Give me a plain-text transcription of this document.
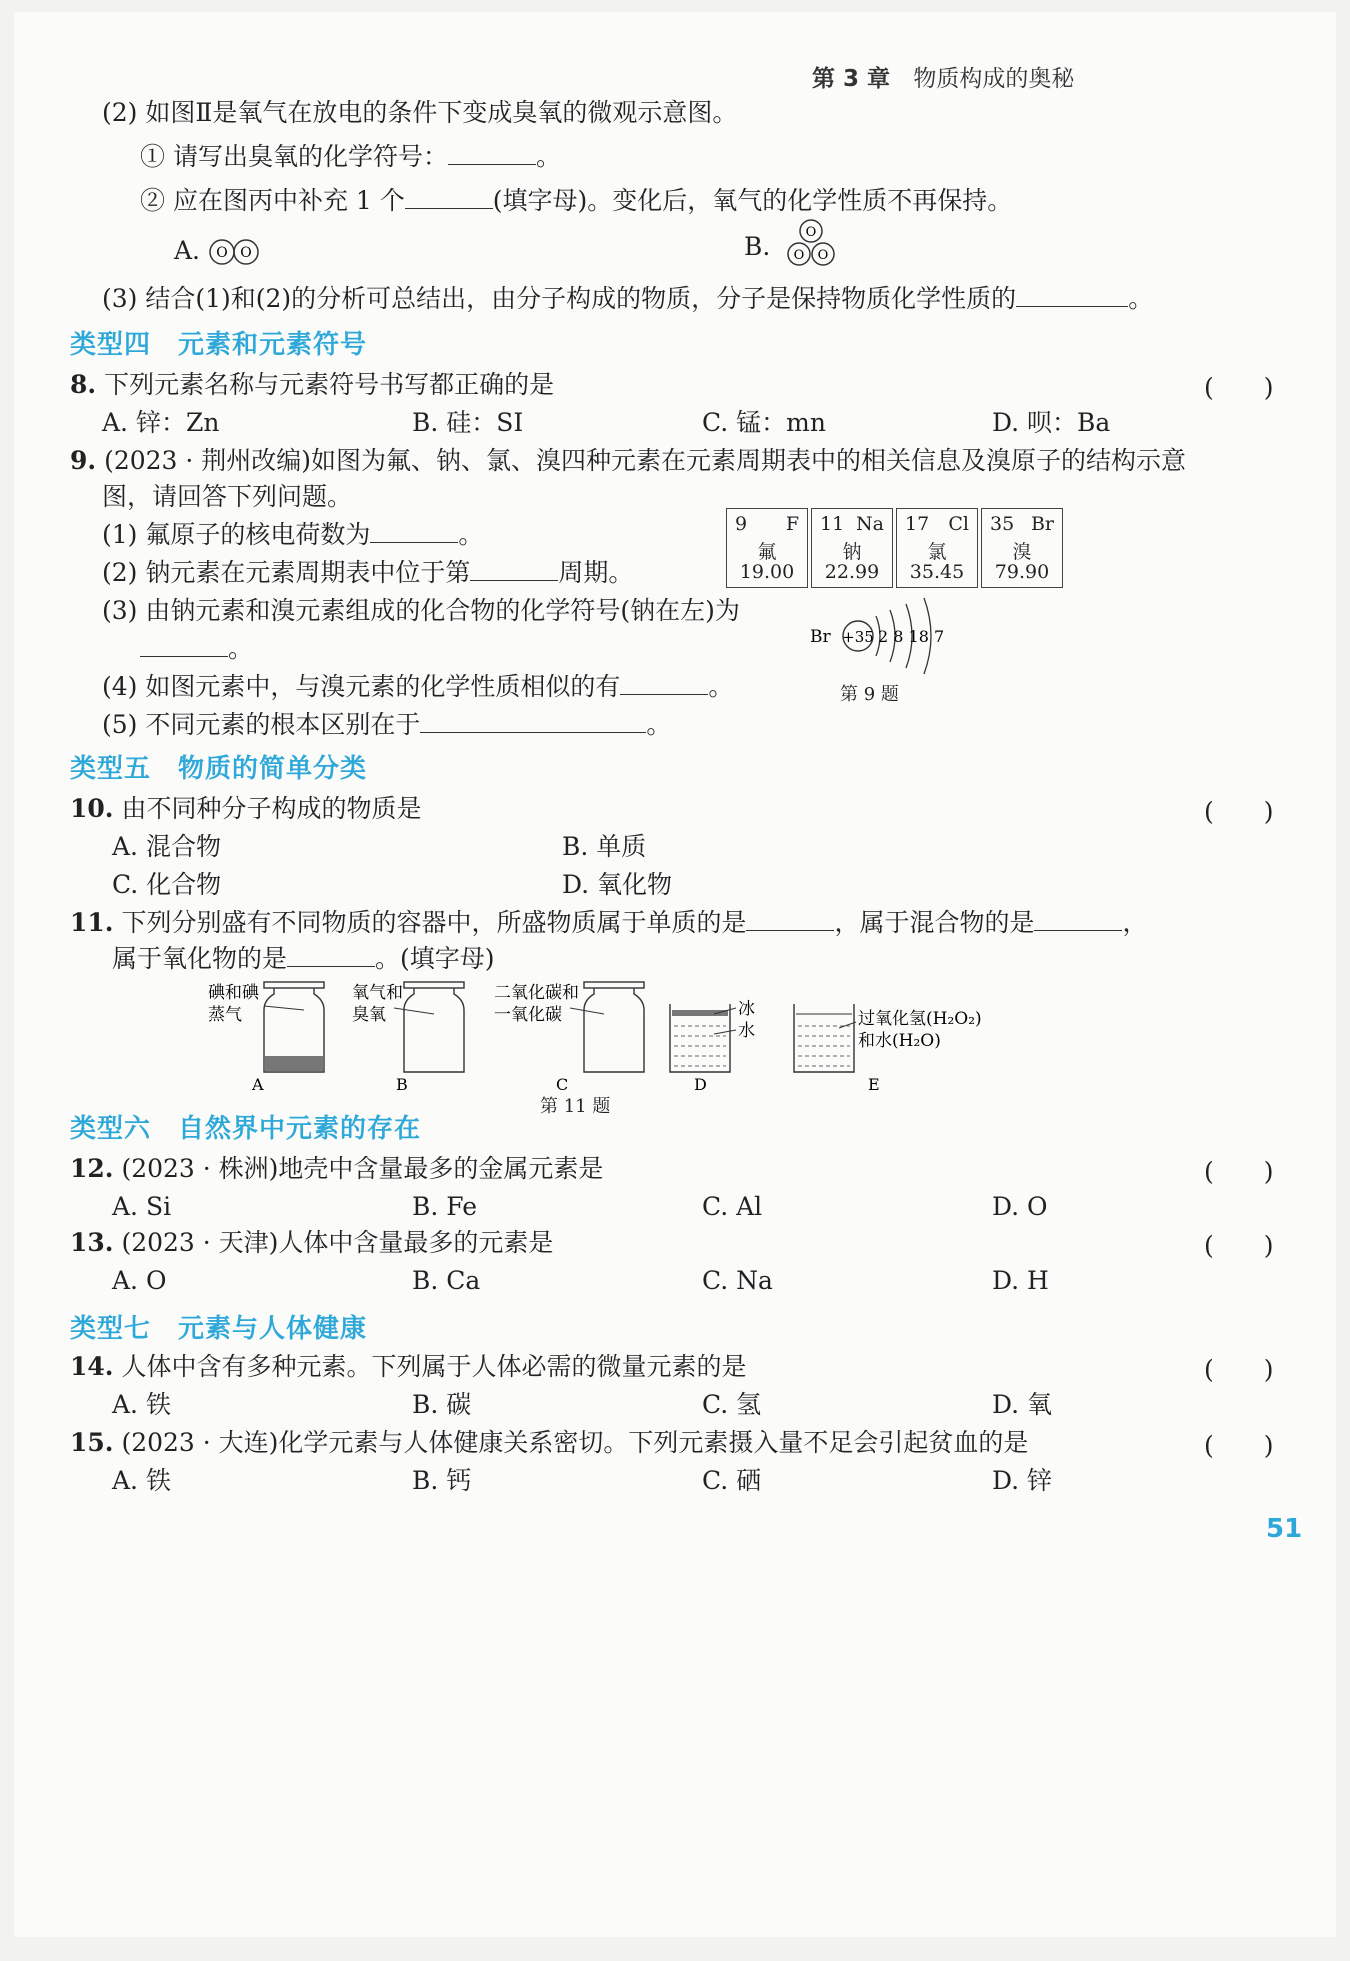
第 3 章 物质构成的奥秘
(2) 如图Ⅱ是氧气在放电的条件下变成臭氧的微观示意图。
① 请写出臭氧的化学符号：	。
② 应在图丙中补充 1 个	(填字母)。变化后，氧气的化学性质不再保持。
A. O O	B.	O
O O
(3) 结合(1)和(2)的分析可总结出，由分子构成的物质，分子是保持物质化学性质的	。
类型四　元素和元素符号
8. 下列元素名称与元素符号书写都正确的是	(　　)
A. 锌：Zn	B. 硅：SI	C. 锰：mn	D. 呗：Ba
9. (2023 · 荆州改编)如图为氟、钠、氯、溴四种元素在元素周期表中的相关信息及溴原子的结构示意
图，请回答下列问题。
(1) 氟原子的核电荷数为	。
(2) 钠元素在元素周期表中位于第	周期。
(3) 由钠元素和溴元素组成的化合物的化学符号(钠在左)为
。
(4) 如图元素中，与溴元素的化学性质相似的有	。
(5) 不同元素的根本区别在于	。
9 F
氟
19.00
11 Na
钠
22.99
17 Cl
氯
35.45
35 Br
溴
79.90
Br +35 2 8 18 7
第 9 题
类型五　物质的简单分类
10. 由不同种分子构成的物质是	(　　)
A. 混合物	B. 单质
C. 化合物	D. 氧化物
11. 下列分别盛有不同物质的容器中，所盛物质属于单质的是	，属于混合物的是	，
属于氧化物的是	。(填字母)
碘和碘
蒸气
A
氧气和
臭氧
B
二氧化碳和
一氧化碳
C
冰
水
D
过氧化氢(H₂O₂)
和水(H₂O)
E
第 11 题
类型六　自然界中元素的存在
12. (2023 · 株洲)地壳中含量最多的金属元素是	(　　)
A. Si	B. Fe	C. Al	D. O
13. (2023 · 天津)人体中含量最多的元素是	(　　)
A. O	B. Ca	C. Na	D. H
类型七　元素与人体健康
14. 人体中含有多种元素。下列属于人体必需的微量元素的是	(　　)
A. 铁	B. 碳	C. 氢	D. 氧
15. (2023 · 大连)化学元素与人体健康关系密切。下列元素摄入量不足会引起贫血的是	(　　)
A. 铁	B. 钙	C. 硒	D. 锌
51
